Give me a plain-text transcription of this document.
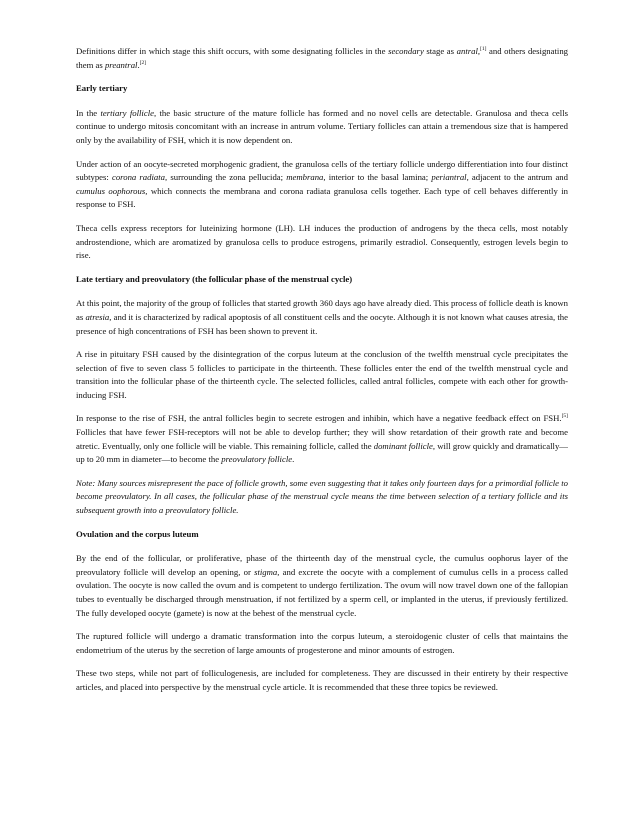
Definitions differ in which stage this shift occurs, with some designating follicles in the secondary stage as antral,[1] and others designating them as preantral.[2]

Early tertiary

In the tertiary follicle, the basic structure of the mature follicle has formed and no novel cells are detectable. Granulosa and theca cells continue to undergo mitosis concomitant with an increase in antrum volume. Tertiary follicles can attain a tremendous size that is hampered only by the availability of FSH, which it is now dependent on.

Under action of an oocyte-secreted morphogenic gradient, the granulosa cells of the tertiary follicle undergo differentiation into four distinct subtypes: corona radiata, surrounding the zona pellucida; membrana, interior to the basal lamina; periantral, adjacent to the antrum and cumulus oophorous, which connects the membrana and corona radiata granulosa cells together. Each type of cell behaves differently in response to FSH.

Theca cells express receptors for luteinizing hormone (LH). LH induces the production of androgens by the theca cells, most notably androstendione, which are aromatized by granulosa cells to produce estrogens, primarily estradiol. Consequently, estrogen levels begin to rise.

Late tertiary and preovulatory (the follicular phase of the menstrual cycle)

At this point, the majority of the group of follicles that started growth 360 days ago have already died. This process of follicle death is known as atresia, and it is characterized by radical apoptosis of all constituent cells and the oocyte. Although it is not known what causes atresia, the presence of high concentrations of FSH has been shown to prevent it.

A rise in pituitary FSH caused by the disintegration of the corpus luteum at the conclusion of the twelfth menstrual cycle precipitates the selection of five to seven class 5 follicles to participate in the thirteenth. These follicles enter the end of the twelfth menstrual cycle and transition into the follicular phase of the thirteenth cycle. The selected follicles, called antral follicles, compete with each other for growth-inducing FSH.

In response to the rise of FSH, the antral follicles begin to secrete estrogen and inhibin, which have a negative feedback effect on FSH.[5] Follicles that have fewer FSH-receptors will not be able to develop further; they will show retardation of their growth rate and become atretic. Eventually, only one follicle will be viable. This remaining follicle, called the dominant follicle, will grow quickly and dramatically—up to 20 mm in diameter—to become the preovulatory follicle.

Note: Many sources misrepresent the pace of follicle growth, some even suggesting that it takes only fourteen days for a primordial follicle to become preovulatory. In all cases, the follicular phase of the menstrual cycle means the time between selection of a tertiary follicle and its subsequent growth into a preovulatory follicle.

Ovulation and the corpus luteum

By the end of the follicular, or proliferative, phase of the thirteenth day of the menstrual cycle, the cumulus oophorus layer of the preovulatory follicle will develop an opening, or stigma, and excrete the oocyte with a complement of cumulus cells in a process called ovulation. The oocyte is now called the ovum and is competent to undergo fertilization. The ovum will now travel down one of the fallopian tubes to eventually be discharged through menstruation, if not fertilized by a sperm cell, or implanted in the uterus, if previously fertilized. The fully developed oocyte (gamete) is now at the behest of the menstrual cycle.

The ruptured follicle will undergo a dramatic transformation into the corpus luteum, a steroidogenic cluster of cells that maintains the endometrium of the uterus by the secretion of large amounts of progesterone and minor amounts of estrogen.

These two steps, while not part of folliculogenesis, are included for completeness. They are discussed in their entirety by their respective articles, and placed into perspective by the menstrual cycle article. It is recommended that these three topics be reviewed.
